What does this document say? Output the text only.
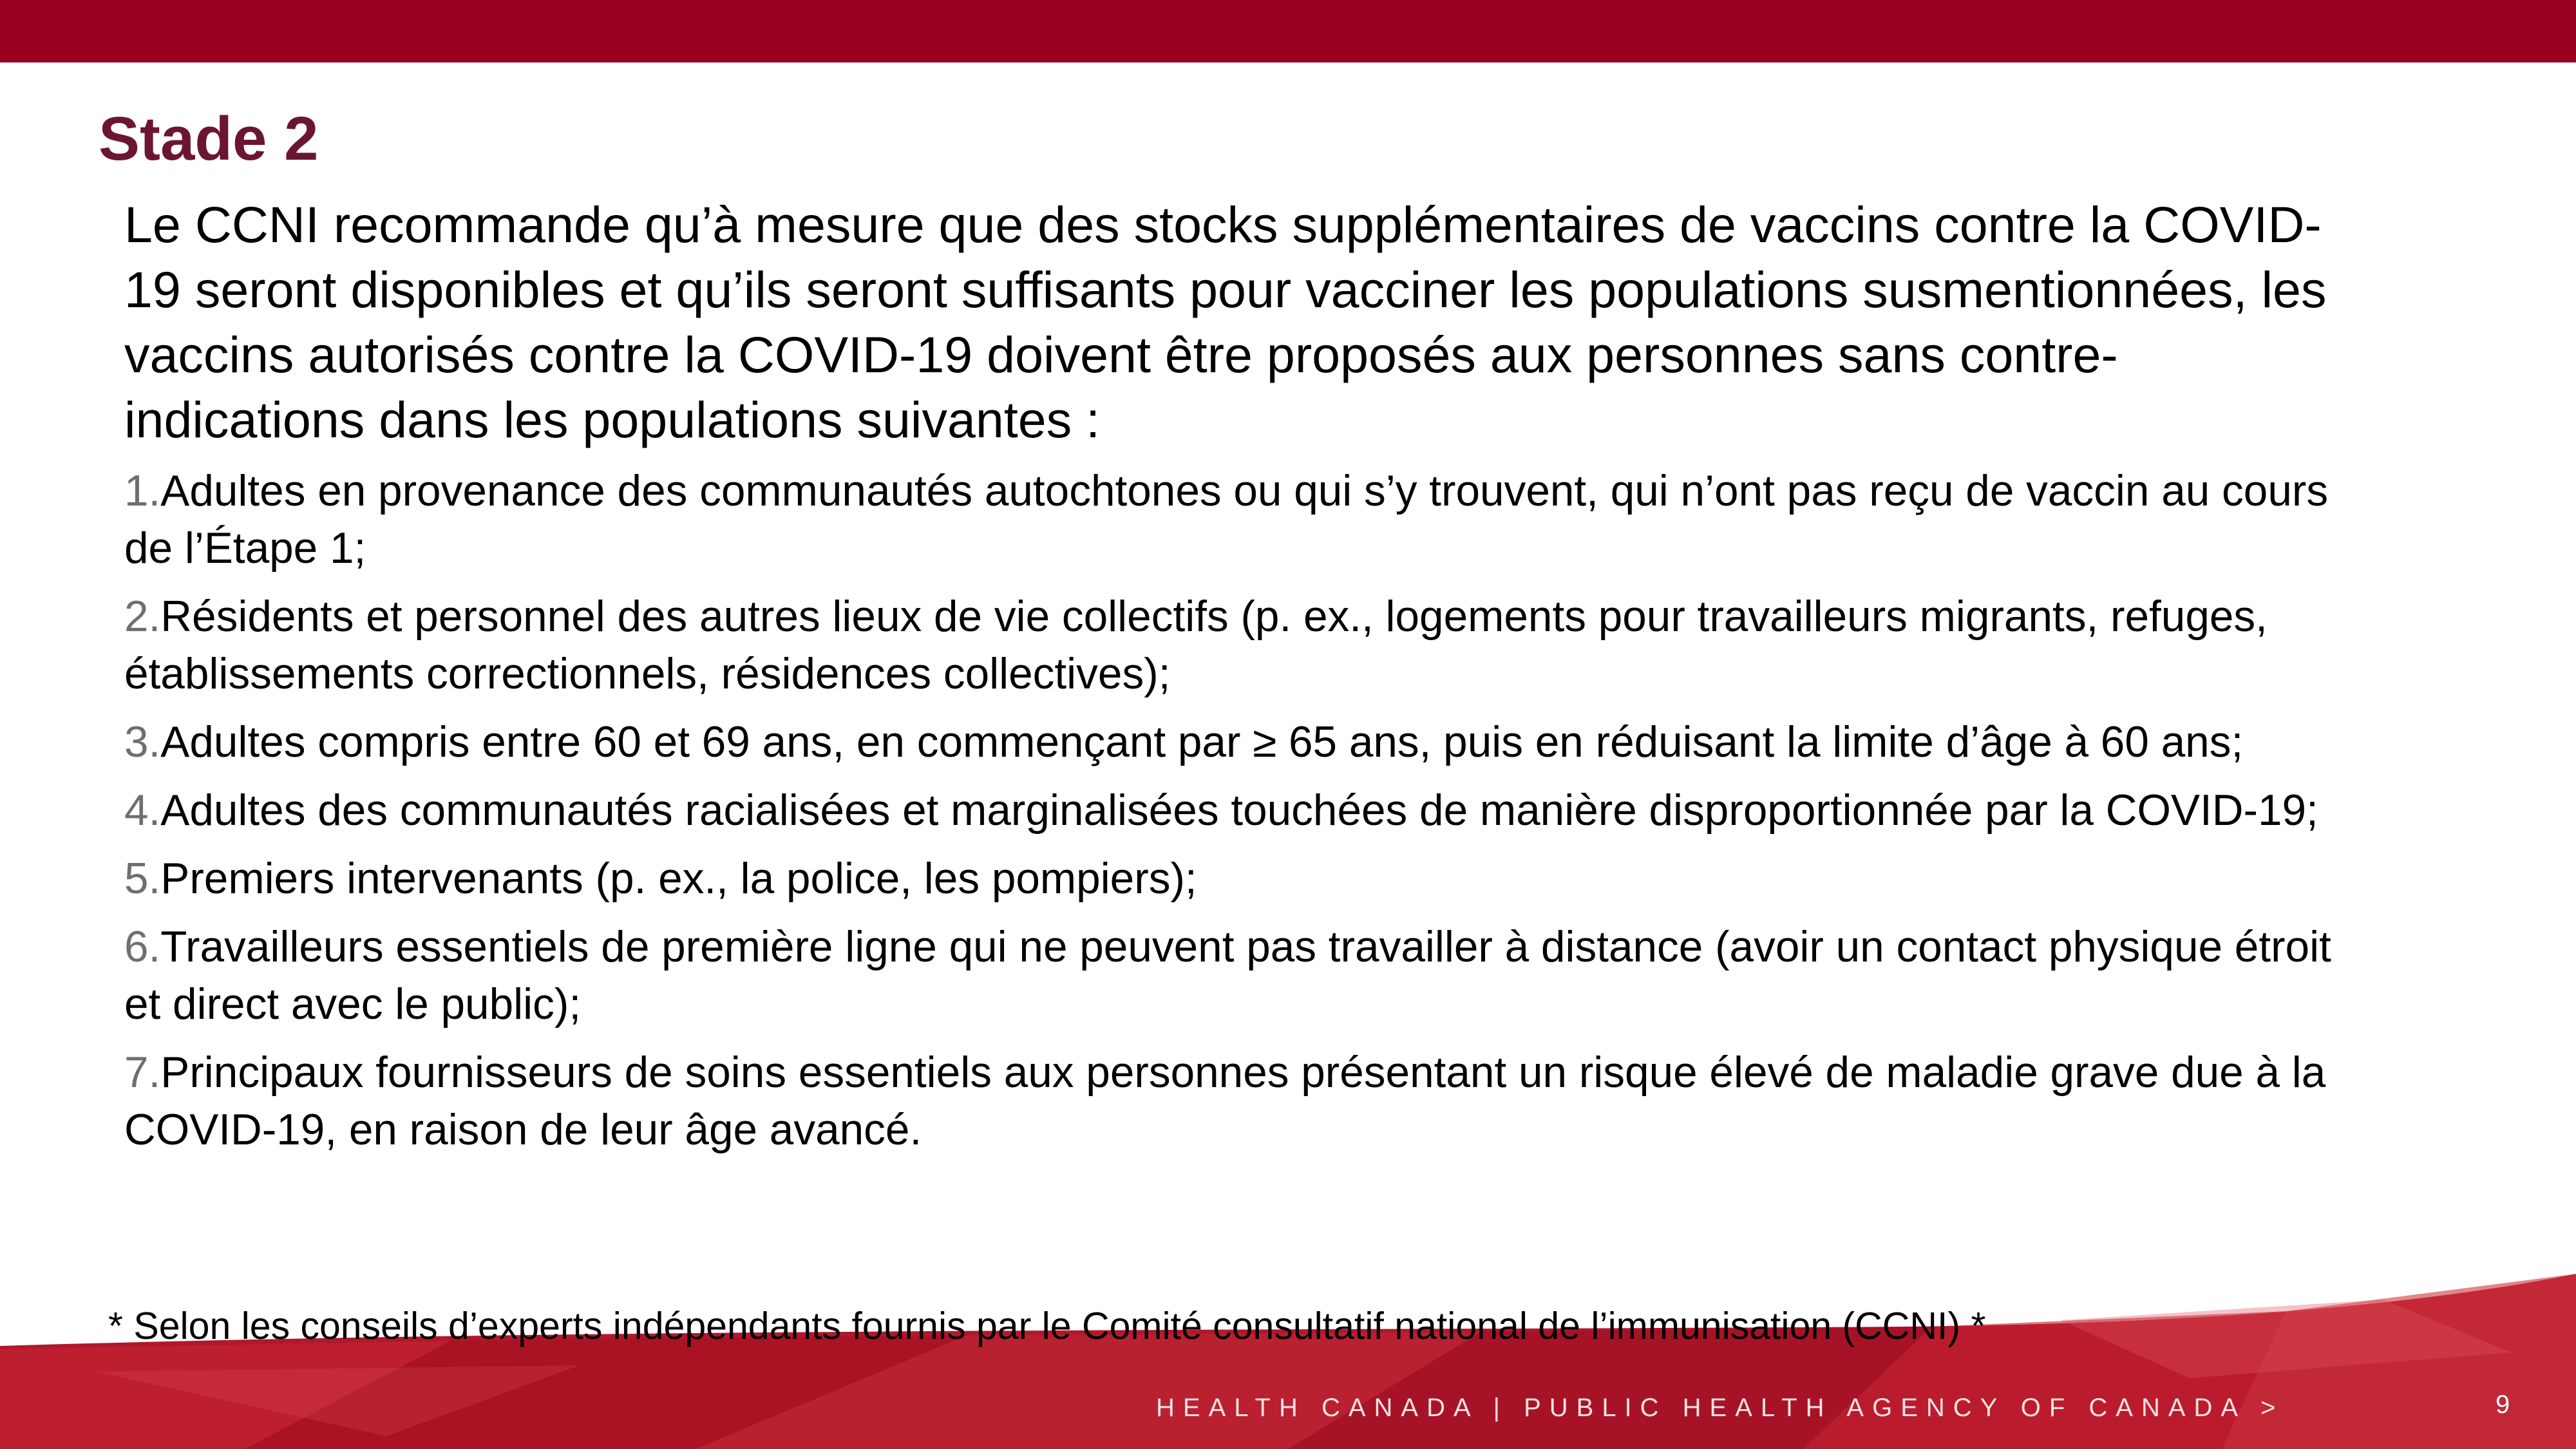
Stade 2

Le CCNI recommande qu’à mesure que des stocks supplémentaires de vaccins contre la COVID-19 seront disponibles et qu’ils seront suffisants pour vacciner les populations susmentionnées, les vaccins autorisés contre la COVID-19 doivent être proposés aux personnes sans contre-indications dans les populations suivantes :

1.Adultes en provenance des communautés autochtones ou qui s’y trouvent, qui n’ont pas reçu de vaccin au cours de l’Étape 1;
2.Résidents et personnel des autres lieux de vie collectifs (p. ex., logements pour travailleurs migrants, refuges, établissements correctionnels, résidences collectives);
3.Adultes compris entre 60 et 69 ans, en commençant par ≥ 65 ans, puis en réduisant la limite d’âge à 60 ans;
4.Adultes des communautés racialisées et marginalisées touchées de manière disproportionnée par la COVID-19;
5.Premiers intervenants (p. ex., la police, les pompiers);
6.Travailleurs essentiels de première ligne qui ne peuvent pas travailler à distance (avoir un contact physique étroit et direct avec le public);
7.Principaux fournisseurs de soins essentiels aux personnes présentant un risque élevé de maladie grave due à la COVID-19, en raison de leur âge avancé.

* Selon les conseils d’experts indépendants fournis par le Comité consultatif national de l’immunisation (CCNI) *

HEALTH CANADA | PUBLIC HEALTH AGENCY OF CANADA >	9
